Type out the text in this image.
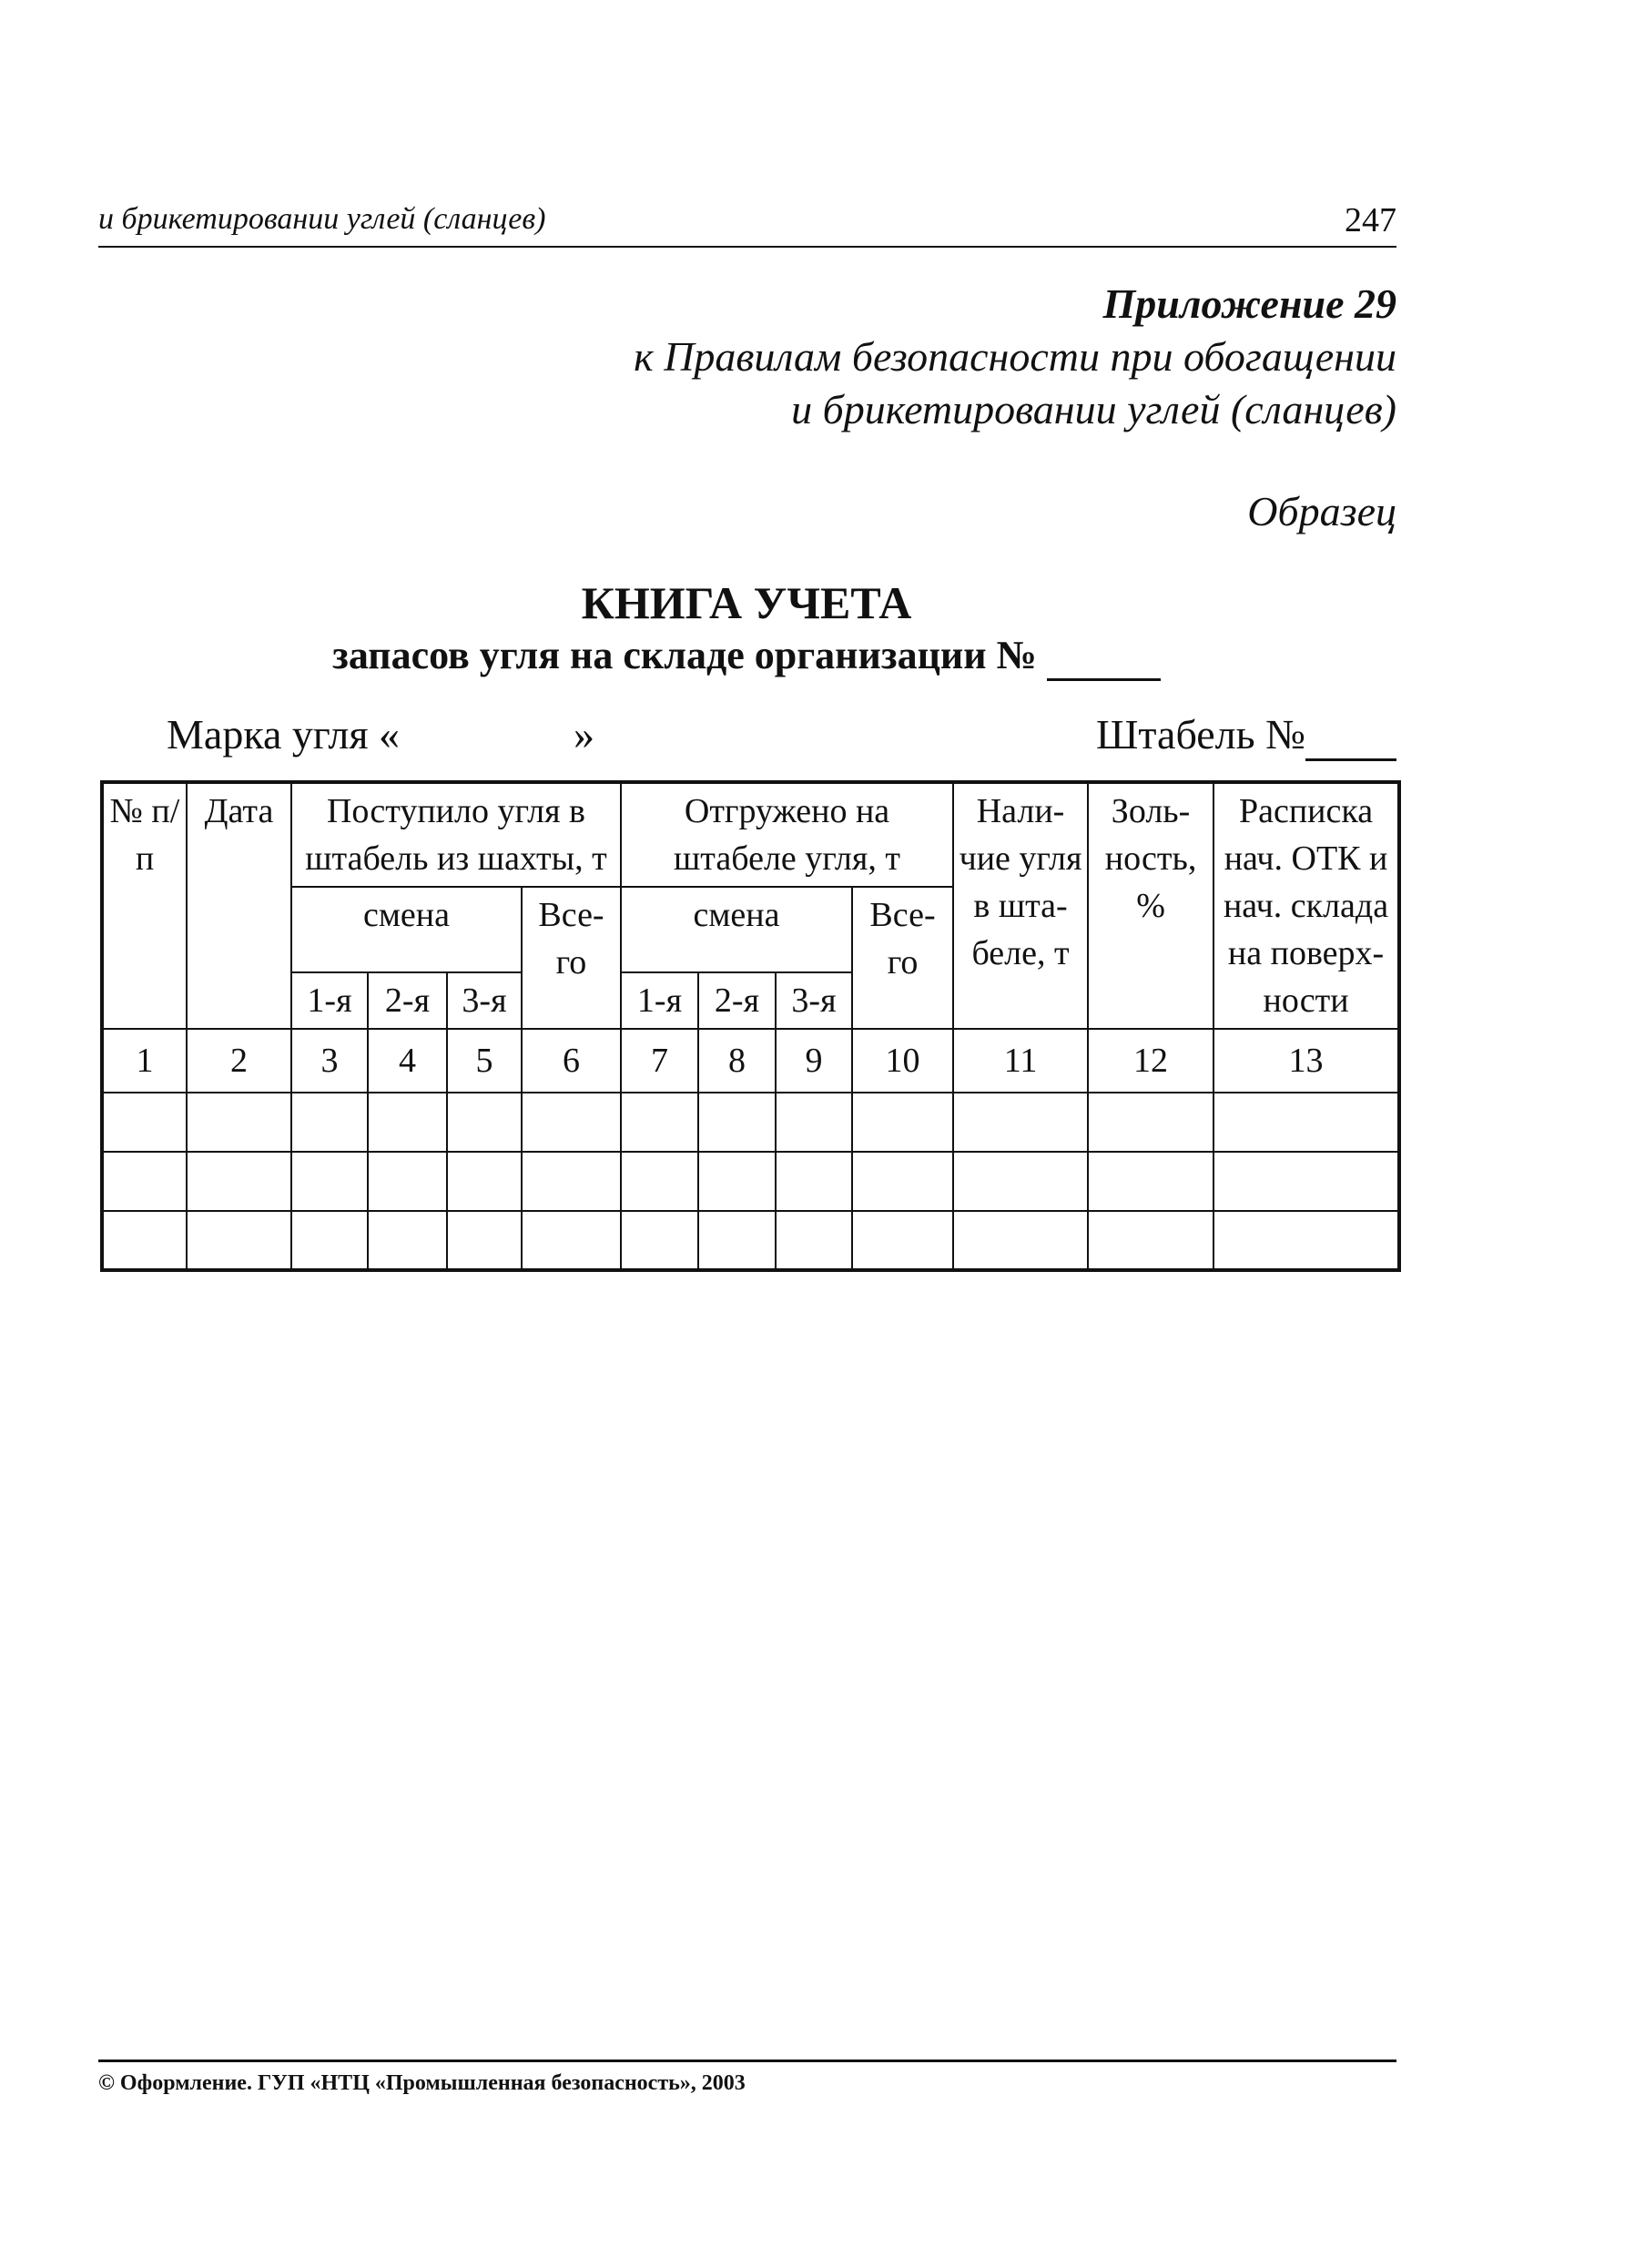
и брикетировании углей (сланцев)	247
Приложение 29
к Правилам безопасности при обогащении
и брикетировании углей (сланцев)
Образец
КНИГА УЧЕТА
запасов угля на складе организации №
Марка угля «	»	Штабель №
№ п/п	Дата	Поступило угля в штабель из шахты, т				Отгружено на штабеле угля, т				Нали-чие угля в шта-беле, т	Золь-ность, %	Расписка нач. ОТК и нач. склада на поверх-ности
		смена			Все-го	смена			Все-го			
		1-я	2-я	3-я		1-я	2-я	3-я				
1	2	3	4	5	6	7	8	9	10	11	12	13

© Оформление. ГУП «НТЦ «Промышленная безопасность», 2003
